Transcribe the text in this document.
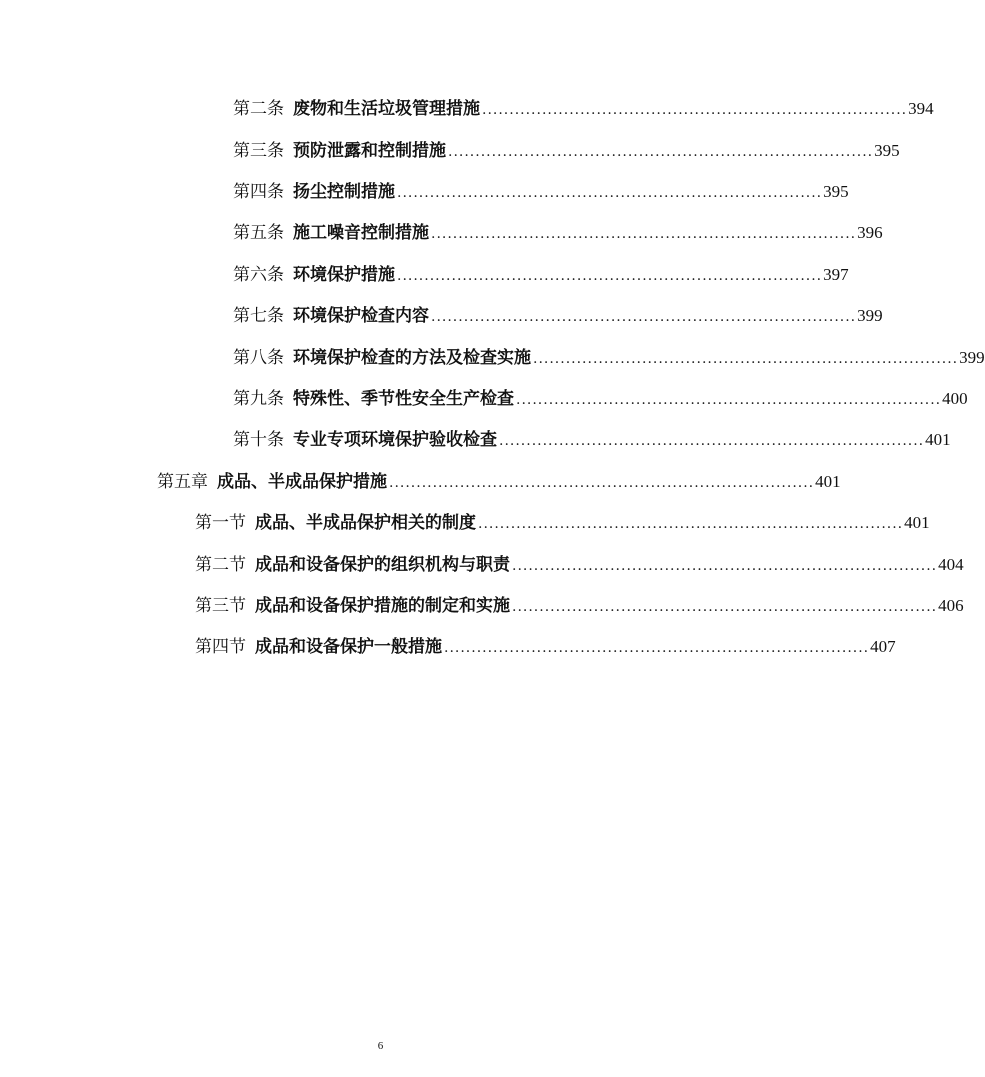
第二条 废物和生活垃圾管理措施 .............................................................................. 394
第三条 预防泄露和控制措施 .............................................................................. 395
第四条 扬尘控制措施 .............................................................................. 395
第五条 施工噪音控制措施 .............................................................................. 396
第六条 环境保护措施 .............................................................................. 397
第七条 环境保护检查内容 .............................................................................. 399
第八条 环境保护检查的方法及检查实施 .............................................................................. 399
第九条 特殊性、季节性安全生产检查 .............................................................................. 400
第十条 专业专项环境保护验收检查 .............................................................................. 401
第五章 成品、半成品保护措施 .............................................................................. 401
第一节 成品、半成品保护相关的制度 .............................................................................. 401
第二节 成品和设备保护的组织机构与职责 .............................................................................. 404
第三节 成品和设备保护措施的制定和实施 .............................................................................. 406
第四节 成品和设备保护一般措施 .............................................................................. 407
6
